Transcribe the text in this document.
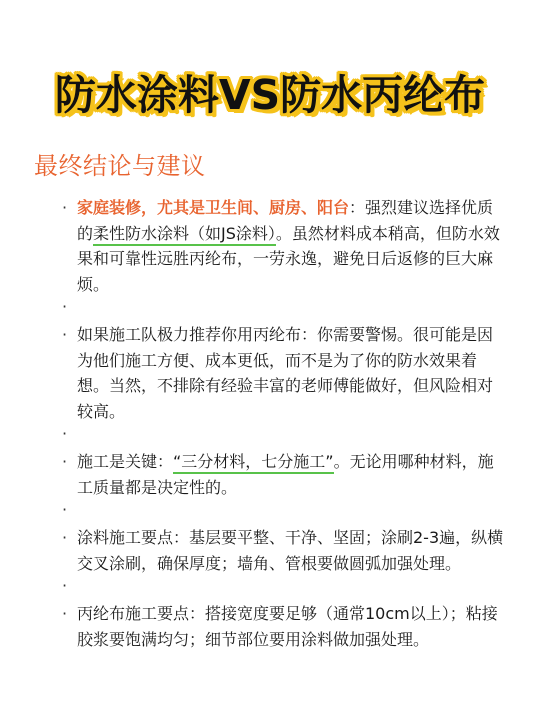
防水涂料VS防水丙纶布
最终结论与建议
· 家庭装修，尤其是卫生间、厨房、阳台：强烈建议选择优质的柔性防水涂料（如JS涂料）。虽然材料成本稍高，但防水效果和可靠性远胜丙纶布，一劳永逸，避免日后返修的巨大麻烦。
·
· 如果施工队极力推荐你用丙纶布：你需要警惕。很可能是因为他们施工方便、成本更低，而不是为了你的防水效果着想。当然，不排除有经验丰富的老师傅能做好，但风险相对较高。
·
· 施工是关键：“三分材料，七分施工”。无论用哪种材料，施工质量都是决定性的。
·
· 涂料施工要点：基层要平整、干净、坚固；涂刷2-3遍，纵横交叉涂刷，确保厚度；墙角、管根要做圆弧加强处理。
·
· 丙纶布施工要点：搭接宽度要足够（通常10cm以上）；粘接胶浆要饱满均匀；细节部位要用涂料做加强处理。
